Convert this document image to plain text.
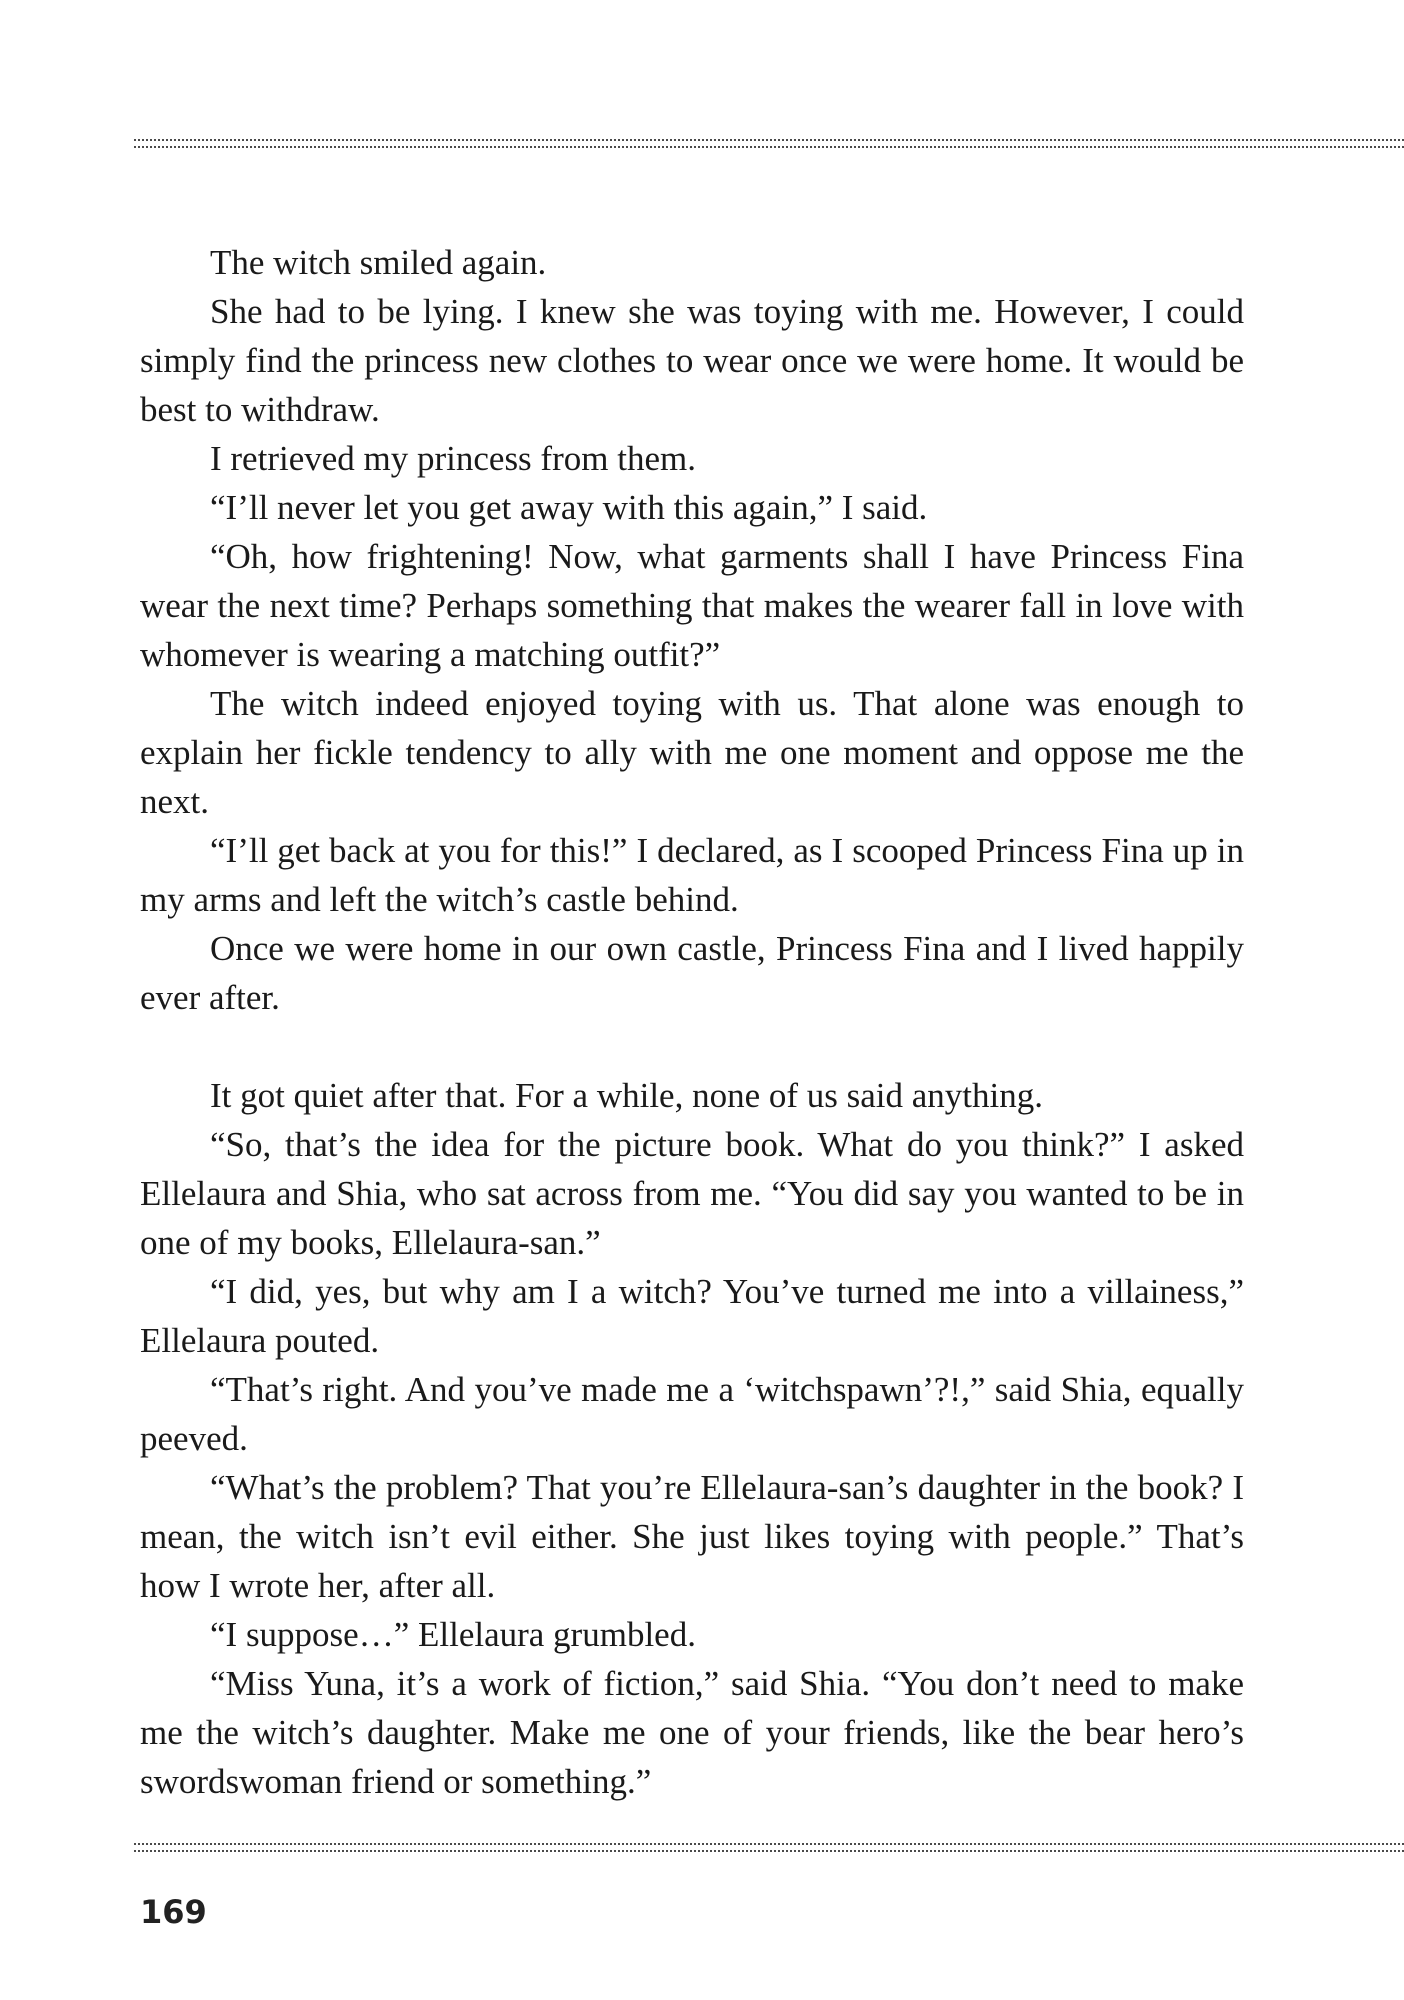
The witch smiled again.

She had to be lying. I knew she was toying with me. However, I could simply find the princess new clothes to wear once we were home. It would be best to withdraw.

I retrieved my princess from them.

“I’ll never let you get away with this again,” I said.

“Oh, how frightening! Now, what garments shall I have Princess Fina wear the next time? Perhaps something that makes the wearer fall in love with whomever is wearing a matching outfit?”

The witch indeed enjoyed toying with us. That alone was enough to explain her fickle tendency to ally with me one moment and oppose me the next.

“I’ll get back at you for this!” I declared, as I scooped Princess Fina up in my arms and left the witch’s castle behind.

Once we were home in our own castle, Princess Fina and I lived happily ever after.

It got quiet after that. For a while, none of us said anything.

“So, that’s the idea for the picture book. What do you think?” I asked Ellelaura and Shia, who sat across from me. “You did say you wanted to be in one of my books, Ellelaura-san.”

“I did, yes, but why am I a witch? You’ve turned me into a villainess,” Ellelaura pouted.

“That’s right. And you’ve made me a ‘witchspawn’?!,” said Shia, equally peeved.

“What’s the problem? That you’re Ellelaura-san’s daughter in the book? I mean, the witch isn’t evil either. She just likes toying with people.” That’s how I wrote her, after all.

“I suppose…” Ellelaura grumbled.

“Miss Yuna, it’s a work of fiction,” said Shia. “You don’t need to make me the witch’s daughter. Make me one of your friends, like the bear hero’s swordswoman friend or something.”

169
